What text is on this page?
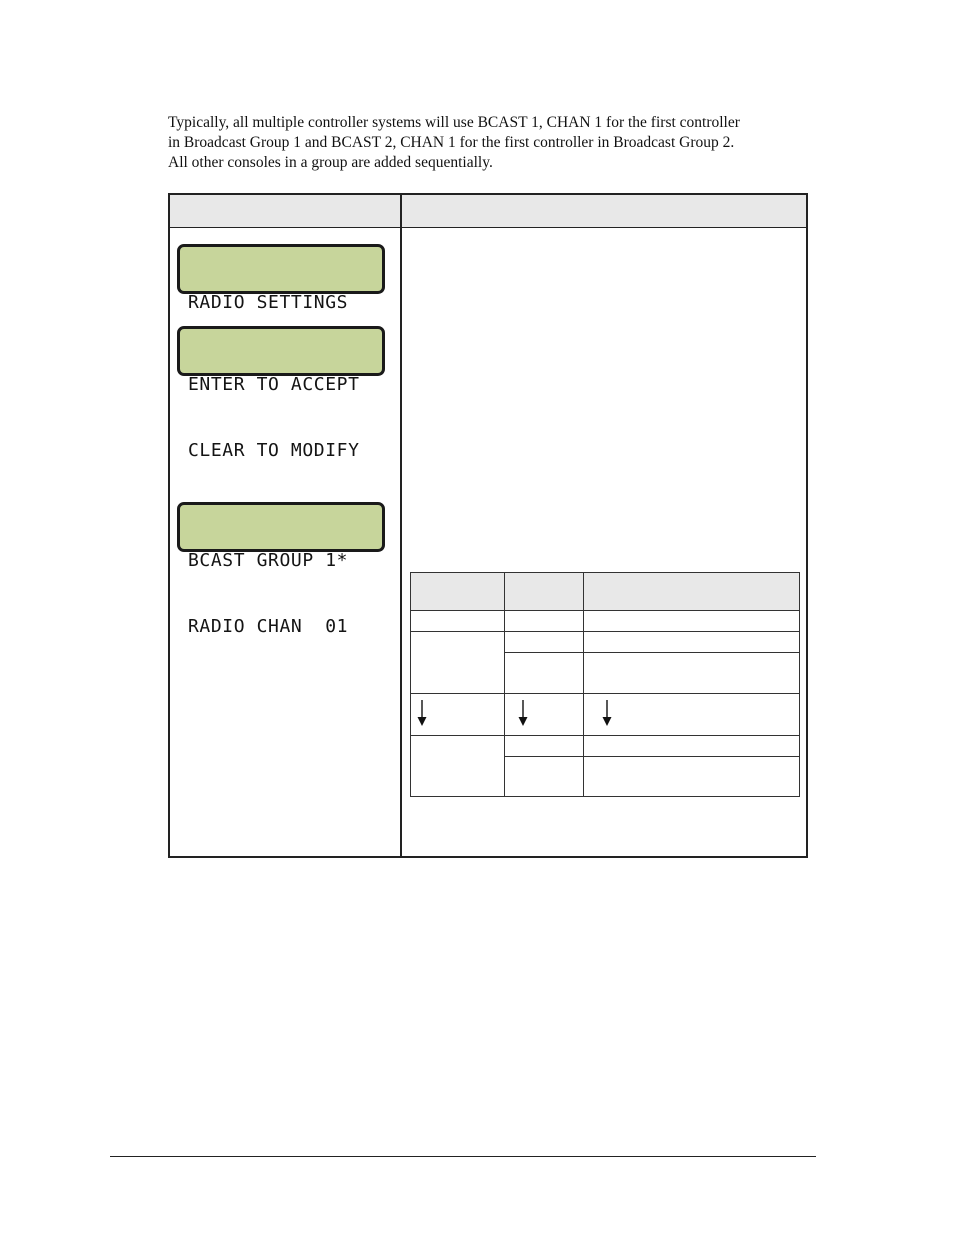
Typically, all multiple controller systems will use BCAST 1, CHAN 1 for the first controller
in Broadcast Group 1 and BCAST 2, CHAN 1 for the first controller in Broadcast Group 2.
All other consoles in a group are added sequentially.

RADIO SETTINGS

ENTER TO ACCEPT

CLEAR TO MODIFY

BCAST GROUP 1*

RADIO CHAN  01
